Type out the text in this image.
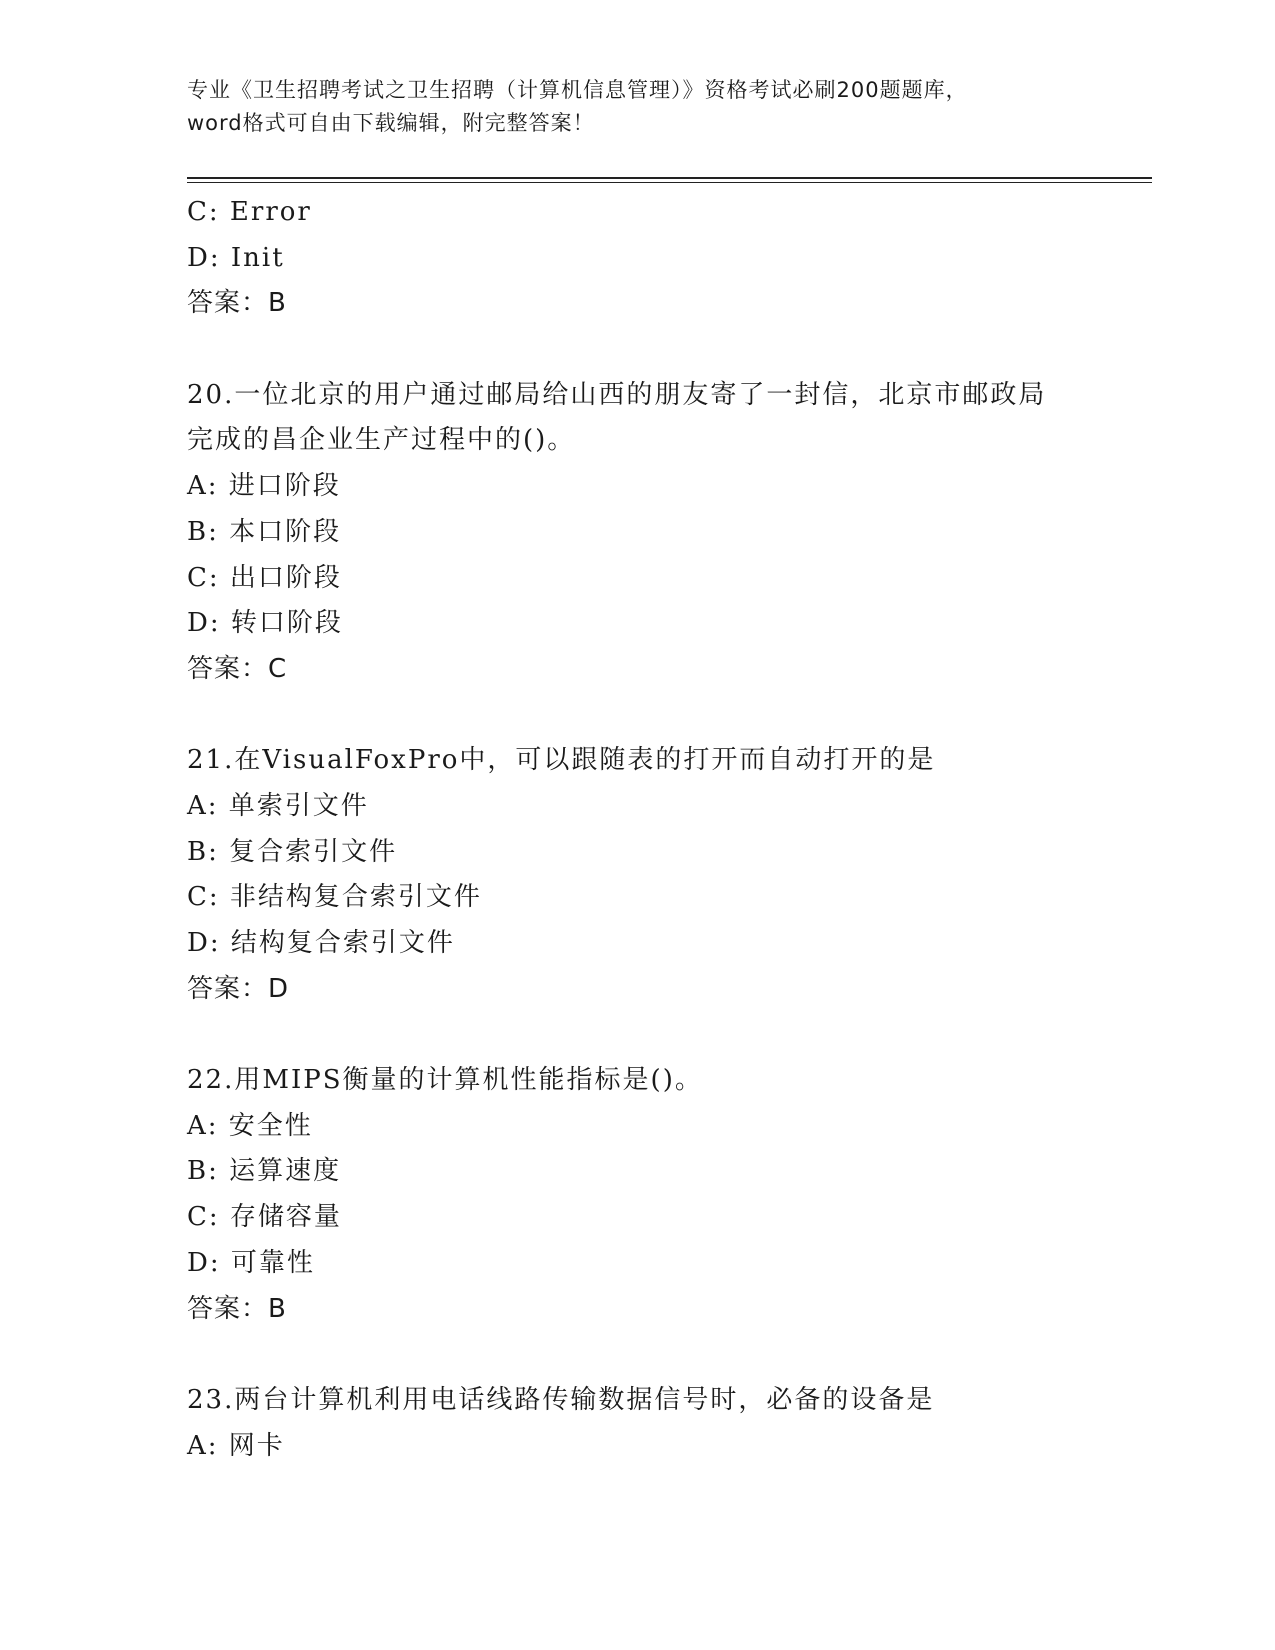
专业《卫生招聘考试之卫生招聘（计算机信息管理）》资格考试必刷200题题库，
word格式可自由下载编辑，附完整答案！
C: Error
D: Init
答案：B
20.一位北京的用户通过邮局给山西的朋友寄了一封信，北京市邮政局
完成的昌企业生产过程中的()。
A: 进口阶段
B: 本口阶段
C: 出口阶段
D: 转口阶段
答案：C
21.在VisualFoxPro中，可以跟随表的打开而自动打开的是
A: 单索引文件
B: 复合索引文件
C: 非结构复合索引文件
D: 结构复合索引文件
答案：D
22.用MIPS衡量的计算机性能指标是()。
A: 安全性
B: 运算速度
C: 存储容量
D: 可靠性
答案：B
23.两台计算机利用电话线路传输数据信号时，必备的设备是
A: 网卡
